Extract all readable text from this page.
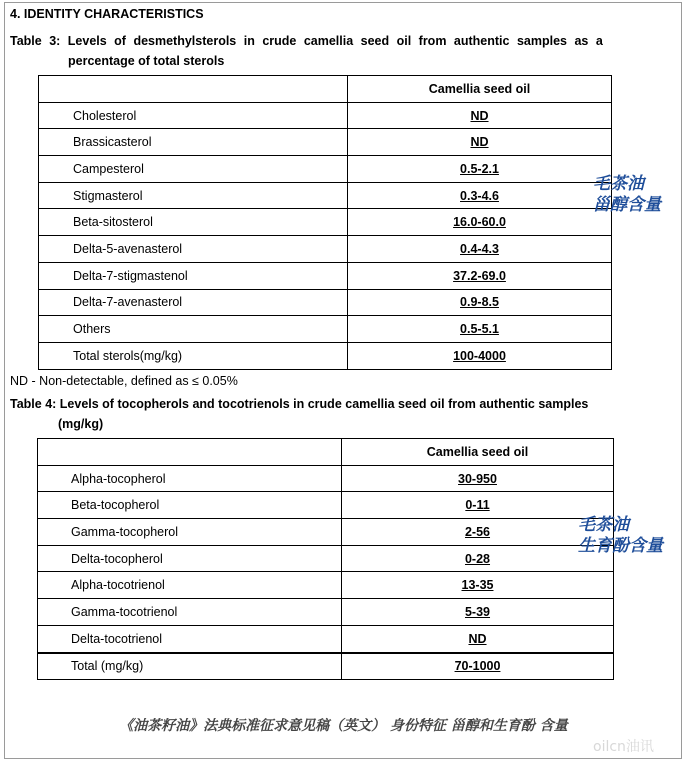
4. IDENTITY CHARACTERISTICS
Table 3: Levels of desmethylsterols in crude camellia seed oil from authentic samples as a
percentage of total sterols
	Camellia seed oil
Cholesterol	ND
Brassicasterol	ND
Campesterol	0.5-2.1
Stigmasterol	0.3-4.6
Beta-sitosterol	16.0-60.0
Delta-5-avenasterol	0.4-4.3
Delta-7-stigmastenol	37.2-69.0
Delta-7-avenasterol	0.9-8.5
Others	0.5-5.1
Total sterols(mg/kg)	100-4000
ND - Non-detectable, defined as ≤ 0.05%
Table 4: Levels of tocopherols and tocotrienols in crude camellia seed oil from authentic samples
(mg/kg)
	Camellia seed oil
Alpha-tocopherol	30-950
Beta-tocopherol	0-11
Gamma-tocopherol	2-56
Delta-tocopherol	0-28
Alpha-tocotrienol	13-35
Gamma-tocotrienol	5-39
Delta-tocotrienol	ND
Total (mg/kg)	70-1000
毛茶油
甾醇含量
毛茶油
生育酚含量
《油茶籽油》法典标准征求意见稿（英文） 身份特征 甾醇和生育酚 含量
oilcn油讯
